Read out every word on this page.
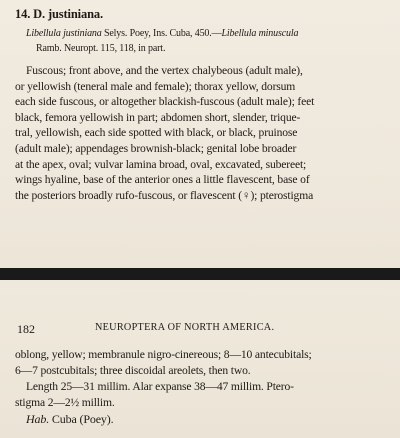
14. D. justiniana.
Libellula justiniana Selys. Poey, Ins. Cuba, 450.—Libellula minuscula
Ramb. Neuropt. 115, 118, in part.
Fuscous; front above, and the vertex chalybeous (adult male),
or yellowish (teneral male and female); thorax yellow, dorsum
each side fuscous, or altogether blackish-fuscous (adult male); feet
black, femora yellowish in part; abdomen short, slender, trique-
tral, yellowish, each side spotted with black, or black, pruinose
(adult male); appendages brownish-black; genital lobe broader
at the apex, oval; vulvar lamina broad, oval, excavated, subereet;
wings hyaline, base of the anterior ones a little flavescent, base of
the posteriors broadly rufo-fuscous, or flavescent (♀); pterostigma
182	NEUROPTERA OF NORTH AMERICA.
oblong, yellow; membranule nigro-cinereous; 8—10 antecubitals;
6—7 postcubitals; three discoidal areolets, then two.
Length 25—31 millim. Alar expanse 38—47 millim. Ptero-
stigma 2—2½ millim.
Hab. Cuba (Poey).
